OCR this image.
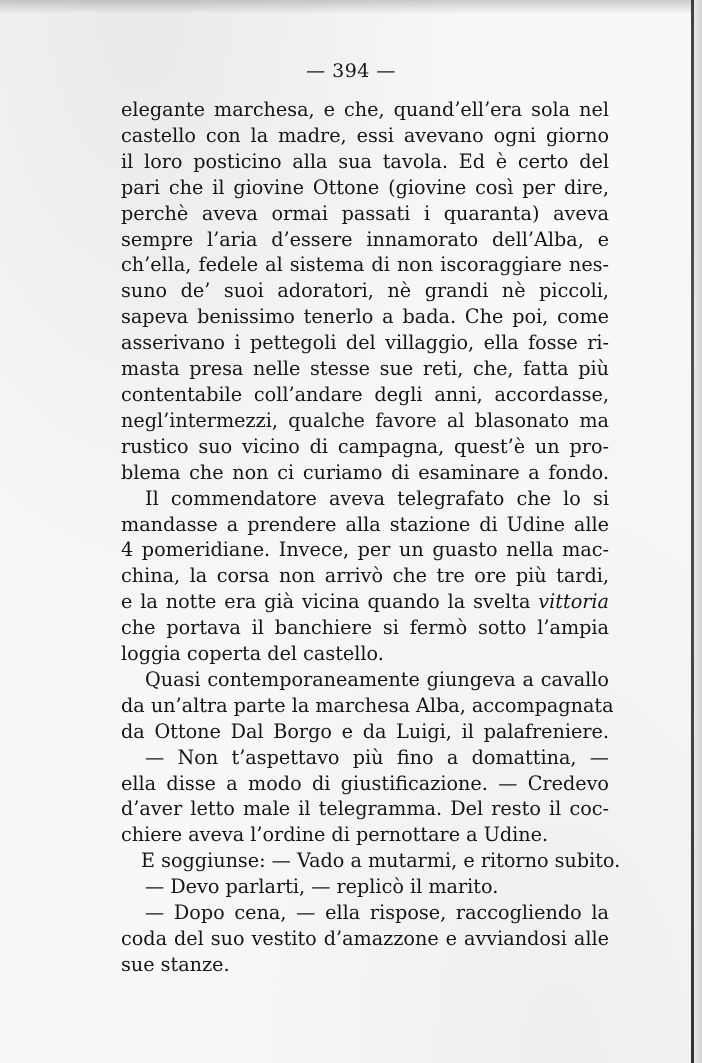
— 394 —
elegante marchesa, e che, quand’ell’era sola nel
castello con la madre, essi avevano ogni giorno
il loro posticino alla sua tavola. Ed è certo del
pari che il giovine Ottone (giovine così per dire,
perchè aveva ormai passati i quaranta) aveva
sempre l’aria d’essere innamorato dell’Alba, e
ch’ella, fedele al sistema di non iscoraggiare nes-
suno de’ suoi adoratori, nè grandi nè piccoli,
sapeva benissimo tenerlo a bada. Che poi, come
asserivano i pettegoli del villaggio, ella fosse ri-
masta presa nelle stesse sue reti, che, fatta più
contentabile coll’andare degli anni, accordasse,
negl’intermezzi, qualche favore al blasonato ma
rustico suo vicino di campagna, quest’è un pro-
blema che non ci curiamo di esaminare a fondo.
Il commendatore aveva telegrafato che lo si
mandasse a prendere alla stazione di Udine alle
4 pomeridiane. Invece, per un guasto nella mac-
china, la corsa non arrivò che tre ore più tardi,
e la notte era già vicina quando la svelta vittoria
che portava il banchiere si fermò sotto l’ampia
loggia coperta del castello.
Quasi contemporaneamente giungeva a cavallo
da un’altra parte la marchesa Alba, accompagnata
da Ottone Dal Borgo e da Luigi, il palafreniere.
— Non t’aspettavo più fino a domattina, —
ella disse a modo di giustificazione. — Credevo
d’aver letto male il telegramma. Del resto il coc-
chiere aveva l’ordine di pernottare a Udine.
E soggiunse: — Vado a mutarmi, e ritorno subito.
— Devo parlarti, — replicò il marito.
— Dopo cena, — ella rispose, raccogliendo la
coda del suo vestito d’amazzone e avviandosi alle
sue stanze.
